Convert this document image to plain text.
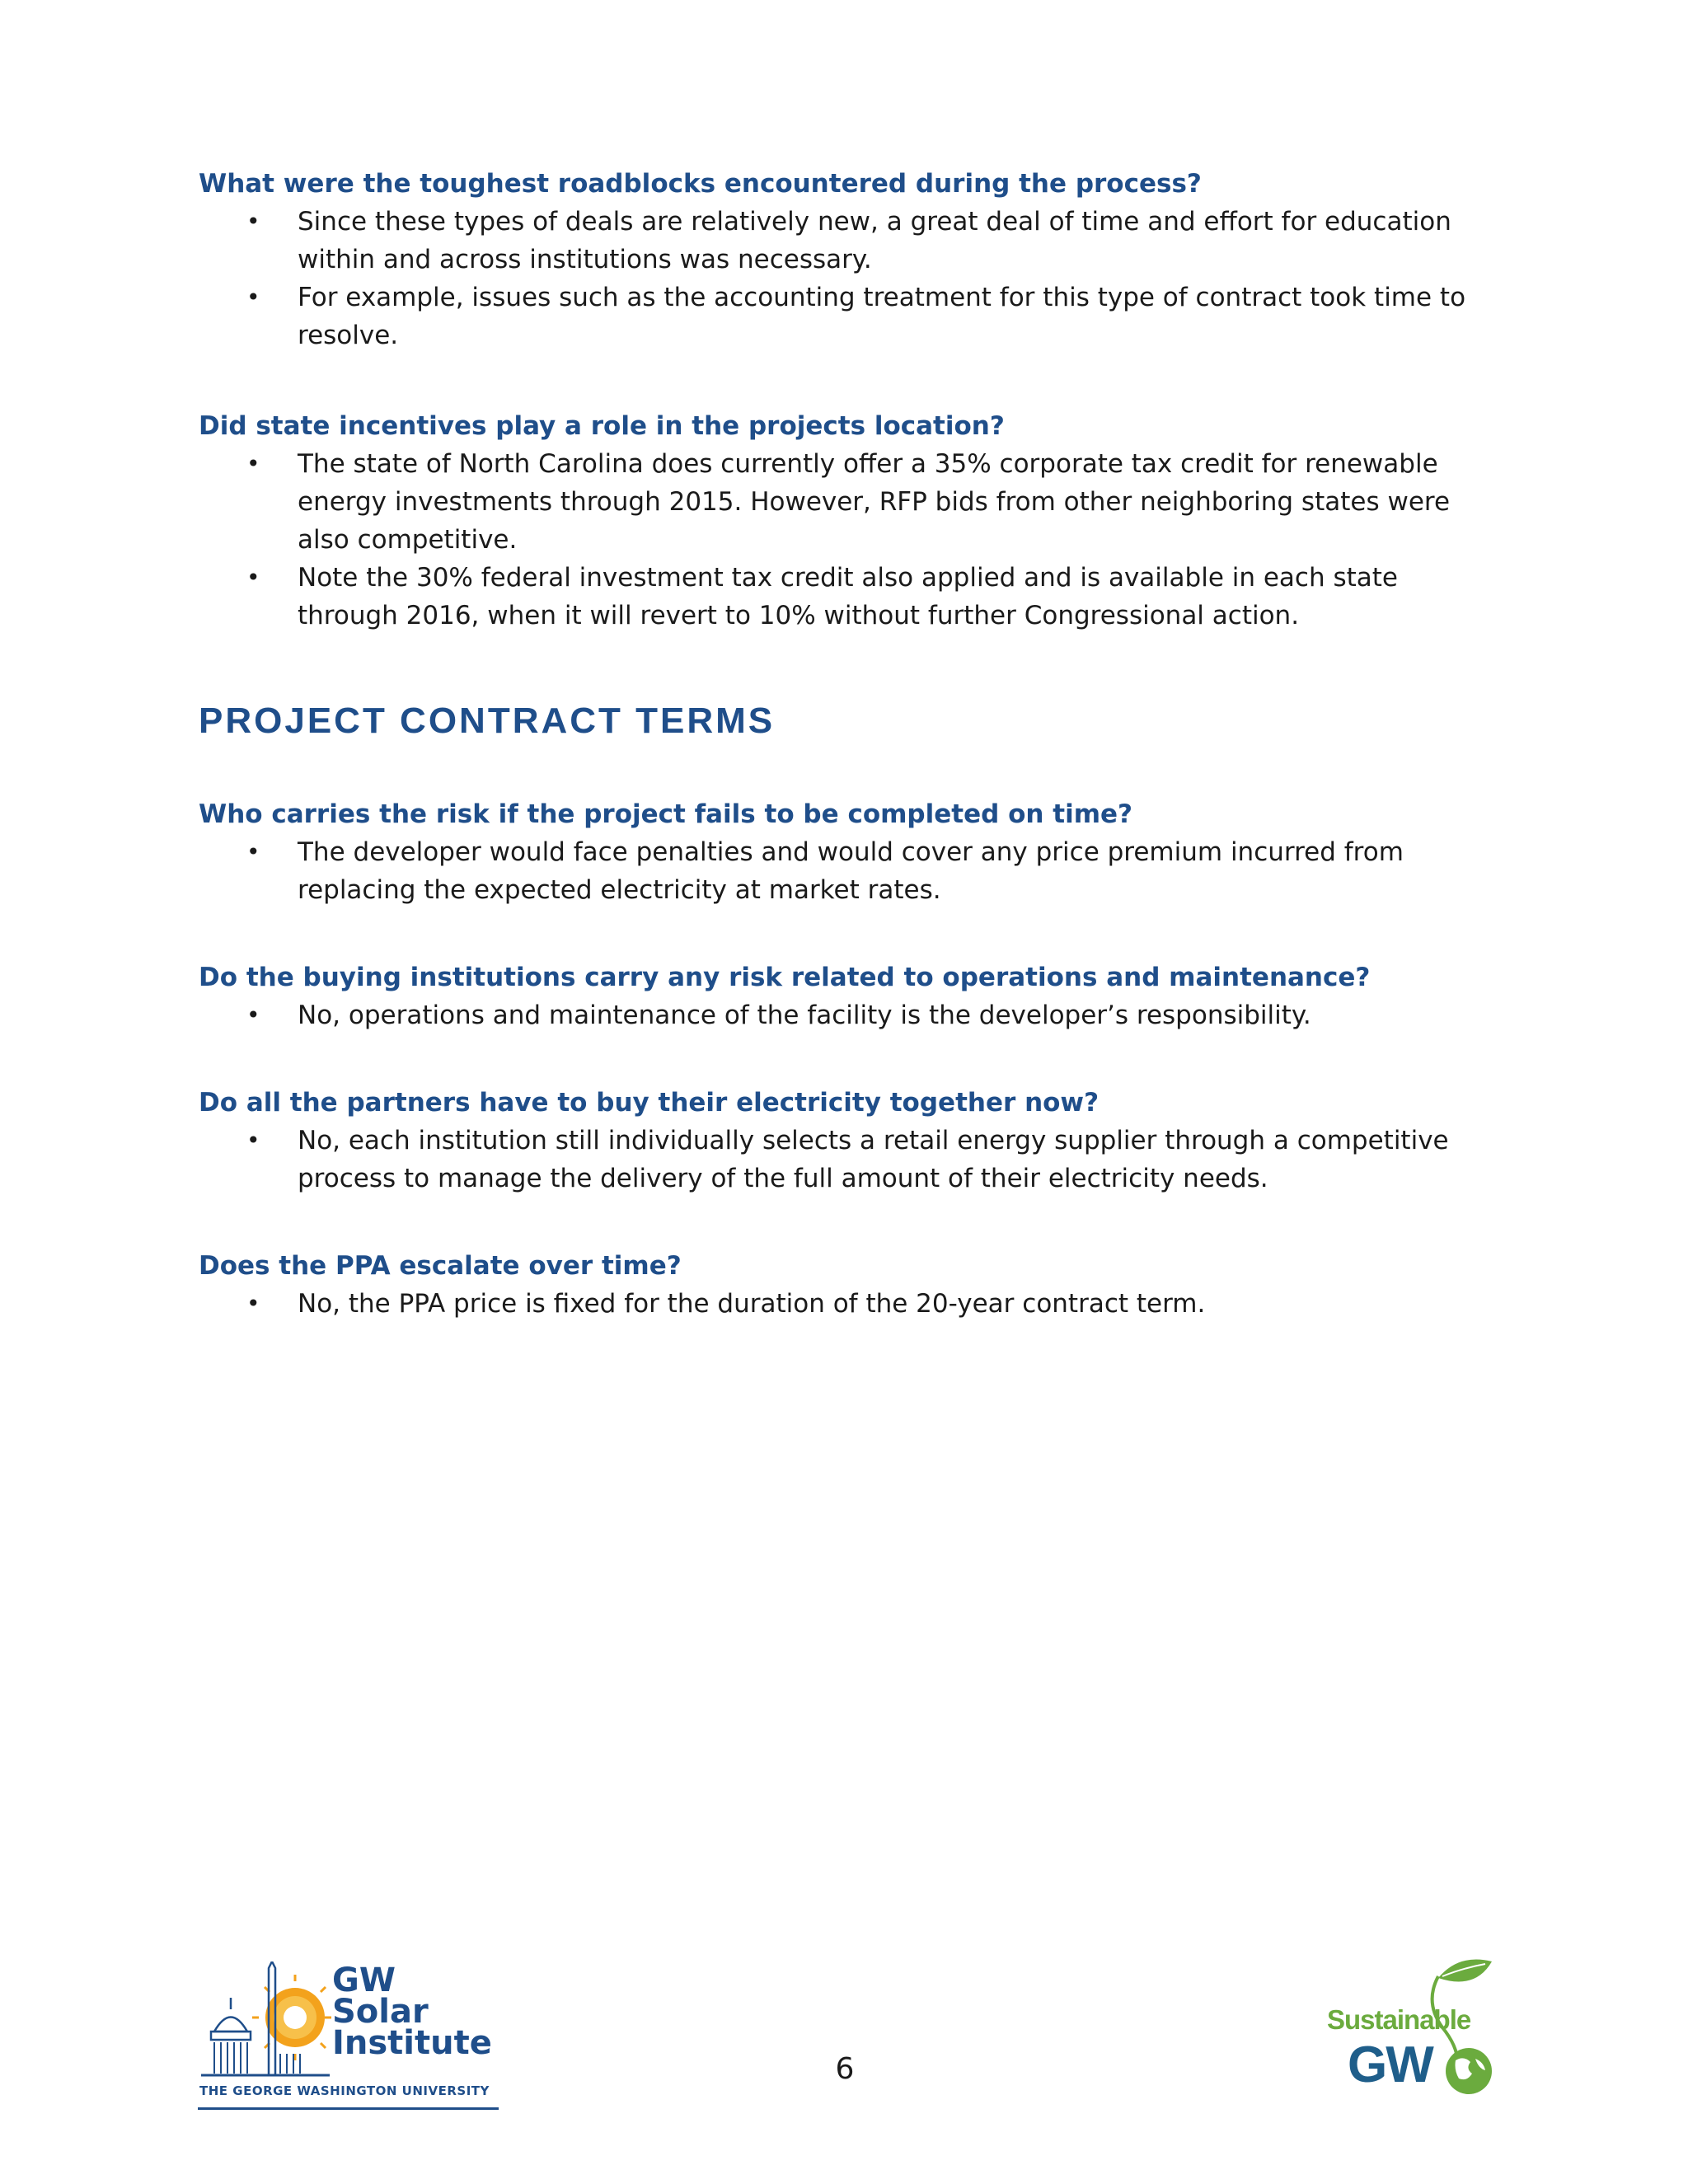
What were the toughest roadblocks encountered during the process?

• Since these types of deals are relatively new, a great deal of time and effort for education within and across institutions was necessary.
• For example, issues such as the accounting treatment for this type of contract took time to resolve.

Did state incentives play a role in the projects location?

• The state of North Carolina does currently offer a 35% corporate tax credit for renewable energy investments through 2015. However, RFP bids from other neighboring states were also competitive.
• Note the 30% federal investment tax credit also applied and is available in each state through 2016, when it will revert to 10% without further Congressional action.
PROJECT CONTRACT TERMS

Who carries the risk if the project fails to be completed on time?

• The developer would face penalties and would cover any price premium incurred from replacing the expected electricity at market rates.

Do the buying institutions carry any risk related to operations and maintenance?

• No, operations and maintenance of the facility is the developer’s responsibility.

Do all the partners have to buy their electricity together now?

• No, each institution still individually selects a retail energy supplier through a competitive process to manage the delivery of the full amount of their electricity needs.

Does the PPA escalate over time?

• No, the PPA price is fixed for the duration of the 20-year contract term.
GW
Solar
Institute
THE GEORGE WASHINGTON UNIVERSITY
6
Sustainable
GW
